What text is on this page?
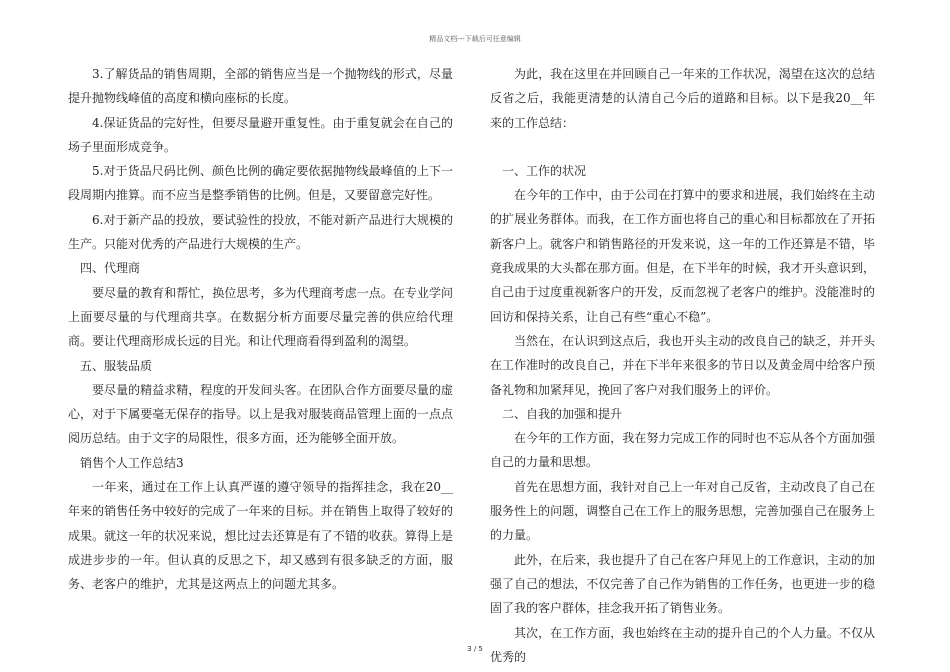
精品文档---下载后可任意编辑

3.了解货品的销售周期，全部的销售应当是一个抛物线的形式，尽量提升抛物线峰值的高度和横向座标的长度。

4.保证货品的完好性，但要尽量避开重复性。由于重复就会在自己的场子里面形成竞争。

5.对于货品尺码比例、颜色比例的确定要依据抛物线最峰值的上下一段周期内推算。而不应当是整季销售的比例。但是，又要留意完好性。

6.对于新产品的投放，要试验性的投放，不能对新产品进行大规模的生产。只能对优秀的产品进行大规模的生产。

四、代理商

要尽量的教育和帮忙，换位思考，多为代理商考虑一点。在专业学问上面要尽量的与代理商共享。在数据分析方面要尽量完善的供应给代理商。要让代理商形成长远的目光。和让代理商看得到盈利的渴望。

五、服装品质

要尽量的精益求精，程度的开发间头客。在团队合作方面要尽量的虚心，对于下属要毫无保存的指导。以上是我对服装商品管理上面的一点点阅历总结。由于文字的局限性，很多方面，还为能够全面开放。

销售个人工作总结3

一年来，通过在工作上认真严谨的遵守领导的指挥挂念，我在20__年来的销售任务中较好的完成了一年来的目标。并在销售上取得了较好的成果。就这一年的状况来说，想比过去还算是有了不错的收获。算得上是成进步步的一年。但认真的反思之下，却又感到有很多缺乏的方面，服务、老客户的维护，尤其是这两点上的问题尤其多。

为此，我在这里在并回顾自己一年来的工作状况，渴望在这次的总结反省之后，我能更清楚的认清自己今后的道路和目标。以下是我20__年来的工作总结：

一、工作的状况

在今年的工作中，由于公司在打算中的要求和进展，我们始终在主动的扩展业务群体。而我，在工作方面也将自己的重心和目标都放在了开拓新客户上。就客户和销售路径的开发来说，这一年的工作还算是不错，毕竟我成果的大头都在那方面。但是，在下半年的时候，我才开头意识到，自己由于过度重视新客户的开发，反而忽视了老客户的维护。没能准时的回访和保持关系，让自己有些“重心不稳”。

当然在，在认识到这点后，我也开头主动的改良自己的缺乏，并开头在工作准时的改良自己，并在下半年来很多的节日以及黄金周中给客户预备礼物和加紧拜见，挽回了客户对我们服务上的评价。

二、自我的加强和提升

在今年的工作方面，我在努力完成工作的同时也不忘从各个方面加强自己的力量和思想。

首先在思想方面，我针对自己上一年对自己反省，主动改良了自己在服务性上的问题，调整自己在工作上的服务思想，完善加强自己在服务上的力量。

此外，在后来，我也提升了自己在客户拜见上的工作意识，主动的加强了自己的想法，不仅完善了自己作为销售的工作任务，也更进一步的稳固了我的客户群体，挂念我开拓了销售业务。

其次，在工作方面，我也始终在主动的提升自己的个人力量。不仅从优秀的

3 / 5
